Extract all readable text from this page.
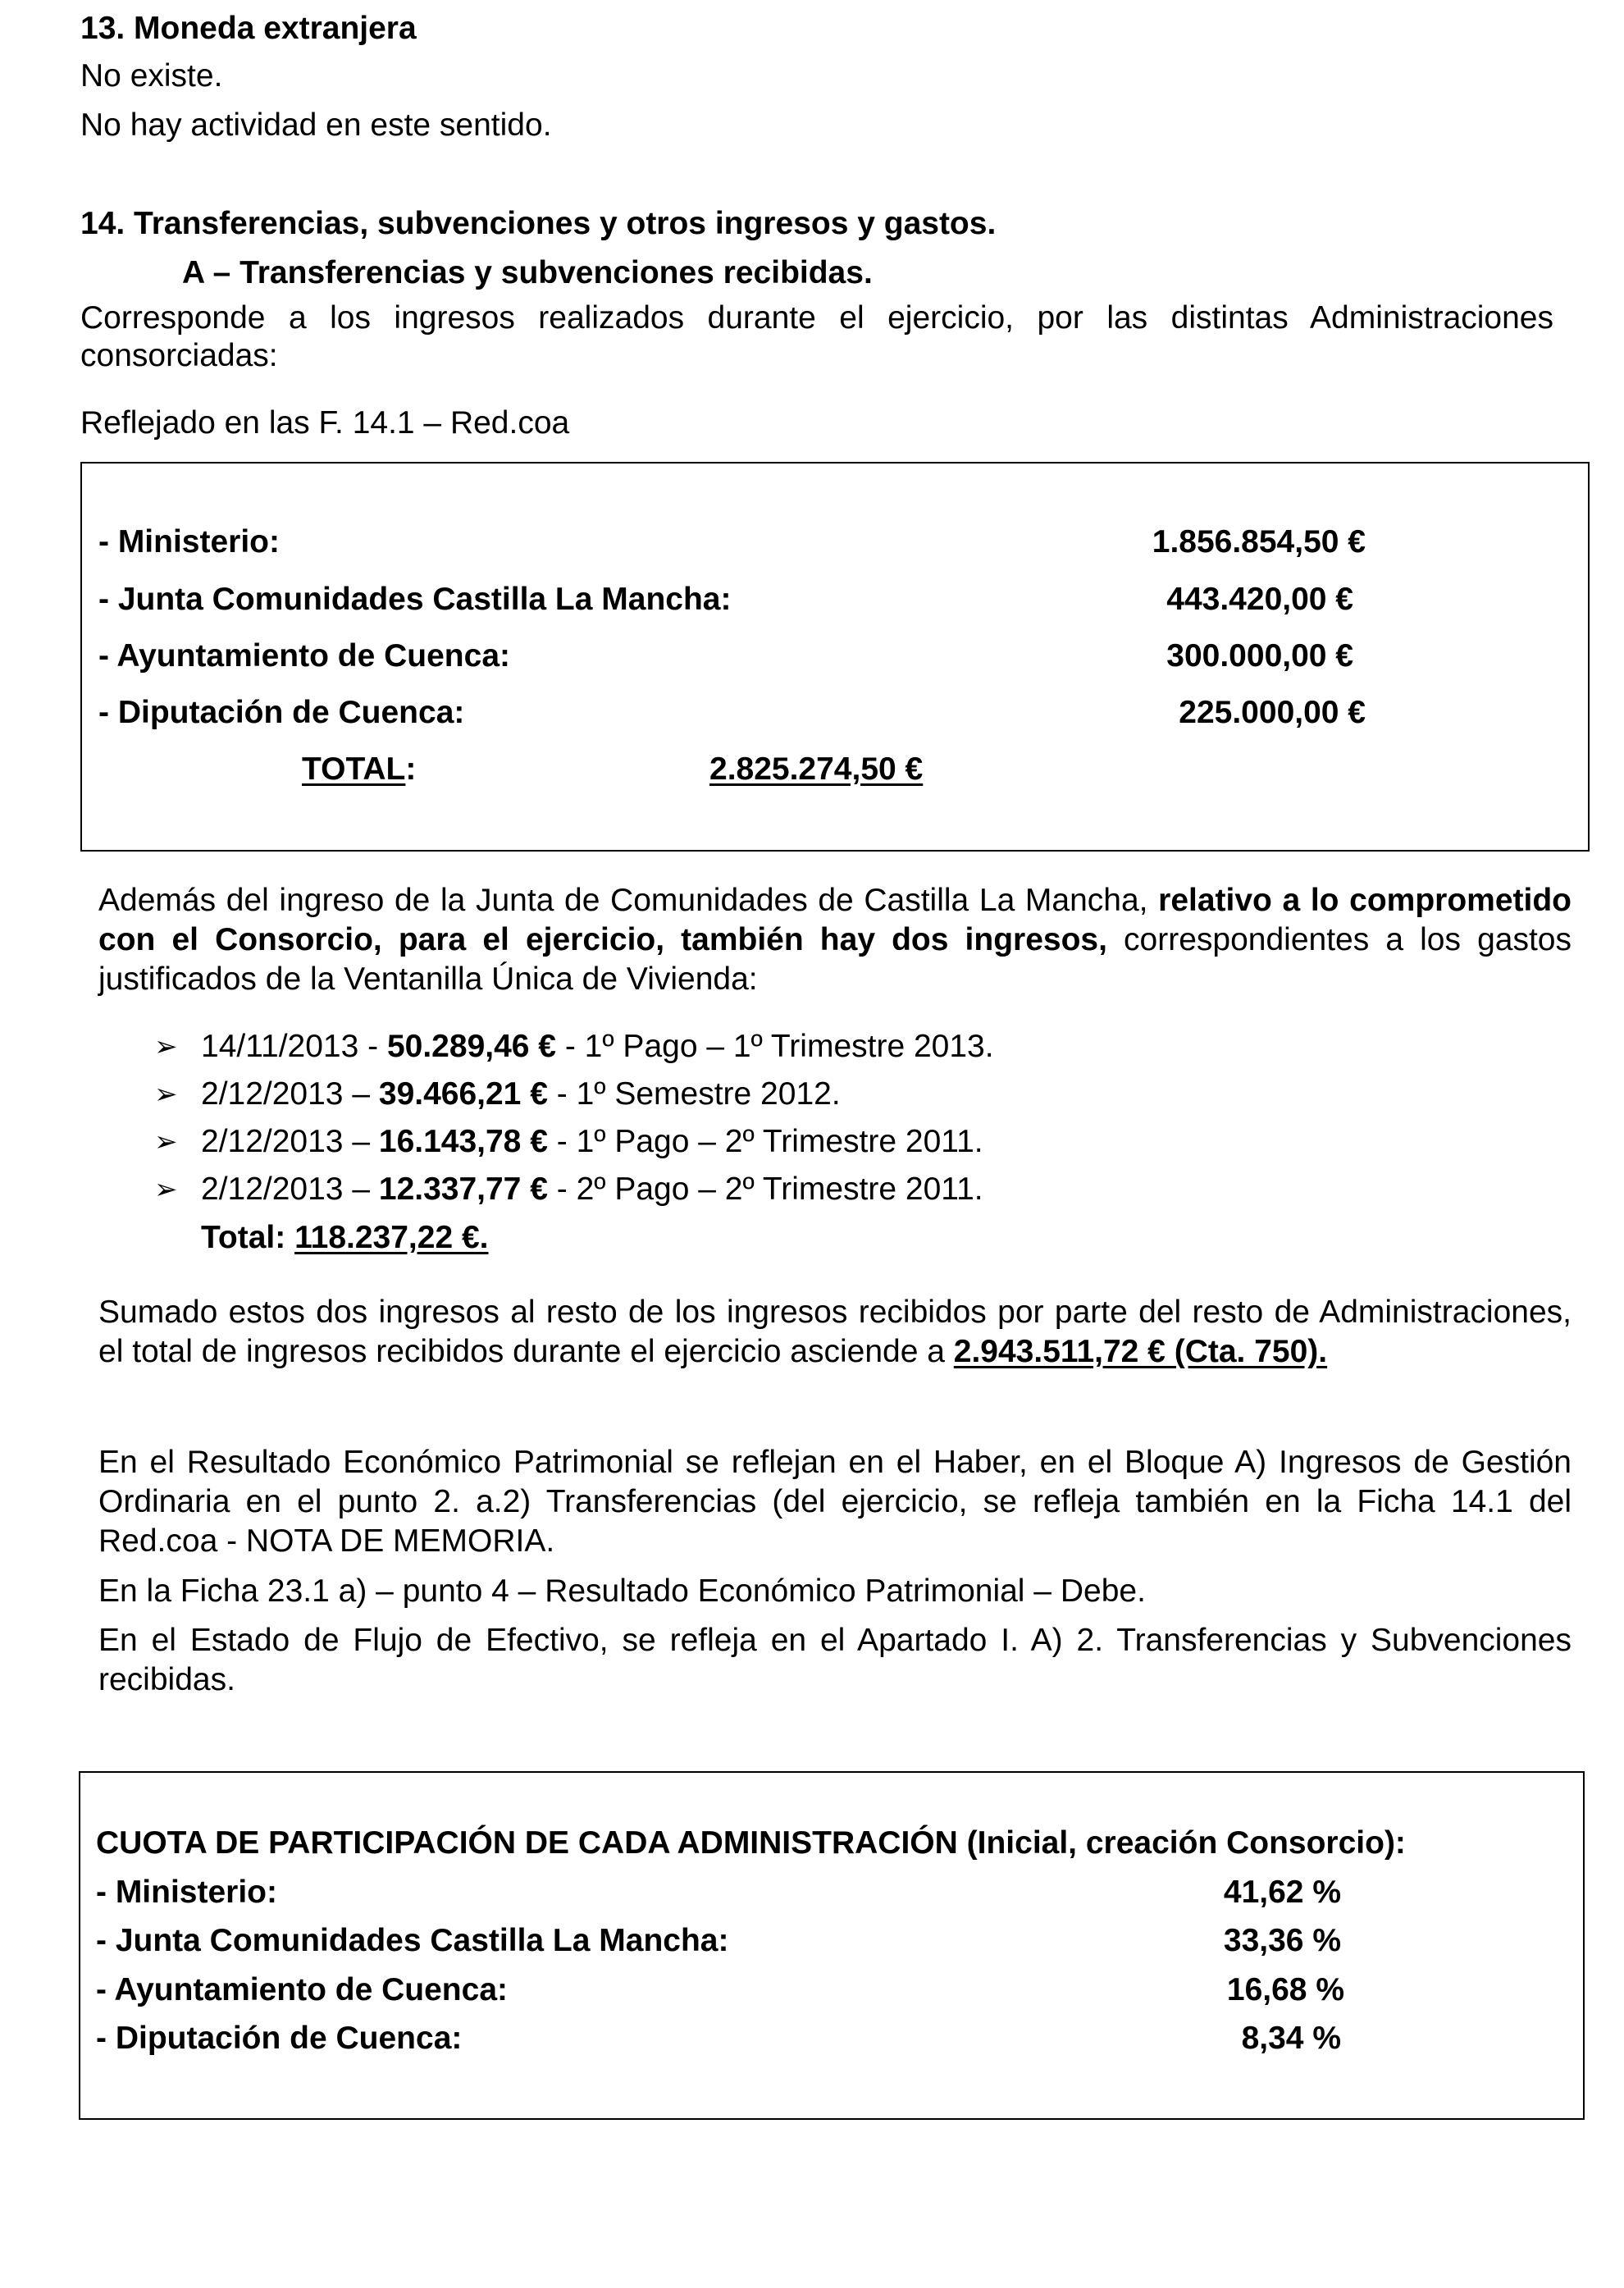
13. Moneda extranjera
No existe.
No hay actividad en este sentido.
14. Transferencias, subvenciones y otros ingresos y gastos.
A – Transferencias y subvenciones recibidas.
Corresponde a los ingresos realizados durante el ejercicio, por las distintas Administraciones consorciadas:
Reflejado en las F. 14.1 – Red.coa
- Ministerio:	1.856.854,50 €
- Junta Comunidades Castilla La Mancha:	443.420,00 €
- Ayuntamiento de Cuenca:	300.000,00 €
- Diputación de Cuenca:	225.000,00 €
TOTAL:	2.825.274,50 €
Además del ingreso de la Junta de Comunidades de Castilla La Mancha, relativo a lo comprometido con el Consorcio, para el ejercicio, también hay dos ingresos, correspondientes a los gastos justificados de la Ventanilla Única de Vivienda:
➢ 14/11/2013 - 50.289,46 € - 1º Pago – 1º Trimestre 2013.
➢ 2/12/2013 – 39.466,21 € - 1º Semestre 2012.
➢ 2/12/2013 – 16.143,78 € - 1º Pago – 2º Trimestre 2011.
➢ 2/12/2013 – 12.337,77 € - 2º Pago – 2º Trimestre 2011.
Total: 118.237,22 €.
Sumado estos dos ingresos al resto de los ingresos recibidos por parte del resto de Administraciones, el total de ingresos recibidos durante el ejercicio asciende a 2.943.511,72 € (Cta. 750).
En el Resultado Económico Patrimonial se reflejan en el Haber, en el Bloque A) Ingresos de Gestión Ordinaria en el punto 2. a.2) Transferencias (del ejercicio, se refleja también en la Ficha 14.1 del Red.coa - NOTA DE MEMORIA.
En la Ficha 23.1 a) – punto 4 – Resultado Económico Patrimonial – Debe.
En el Estado de Flujo de Efectivo, se refleja en el Apartado I. A) 2. Transferencias y Subvenciones recibidas.
CUOTA DE PARTICIPACIÓN DE CADA ADMINISTRACIÓN (Inicial, creación Consorcio):
- Ministerio:	41,62 %
- Junta Comunidades Castilla La Mancha:	33,36 %
- Ayuntamiento de Cuenca:	16,68 %
- Diputación de Cuenca:	8,34 %
